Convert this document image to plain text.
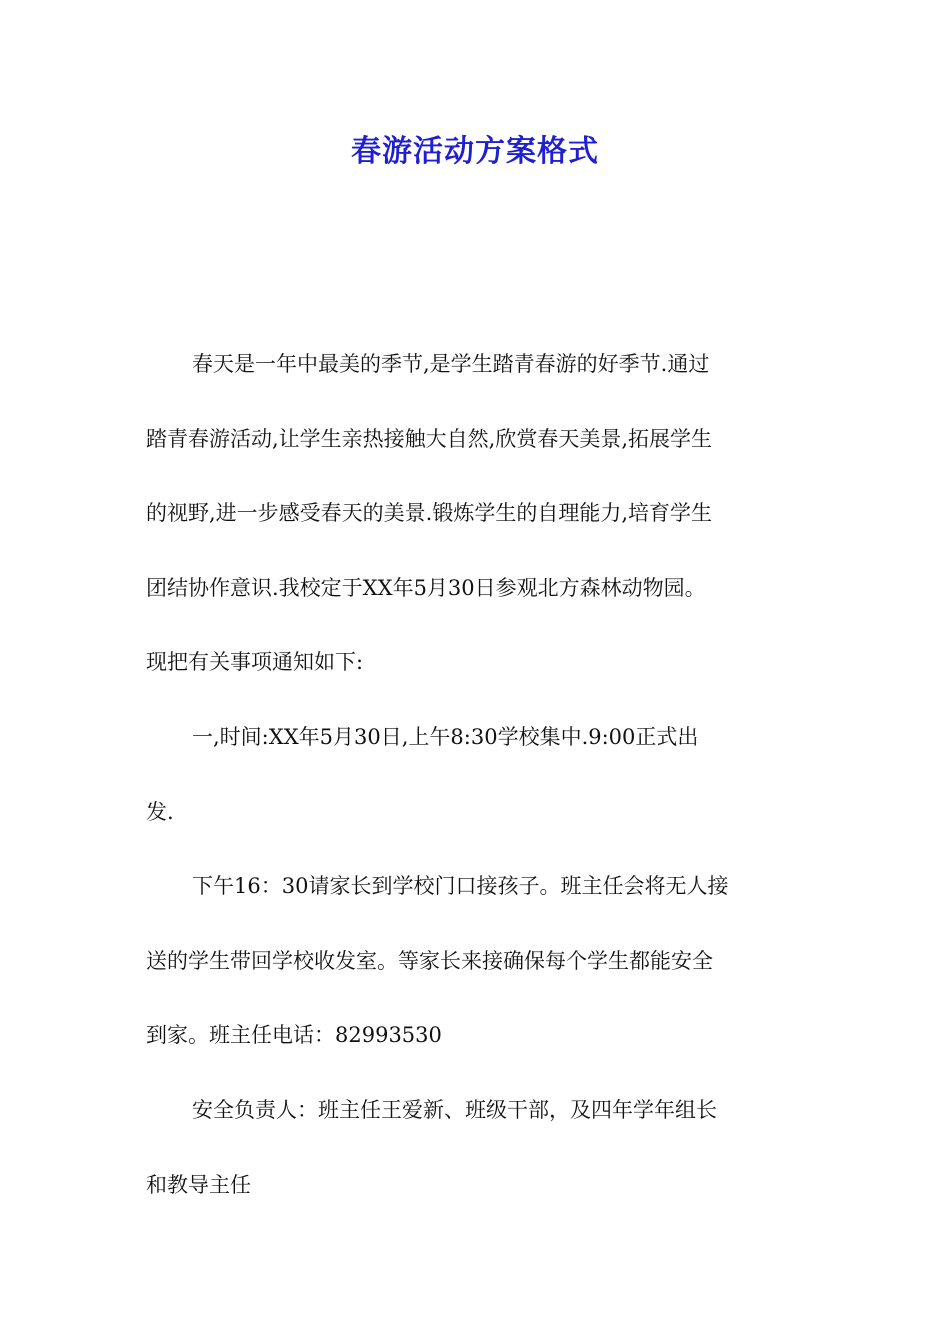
春游活动方案格式
春天是一年中最美的季节,是学生踏青春游的好季节.通过
踏青春游活动,让学生亲热接触大自然,欣赏春天美景,拓展学生
的视野,进一步感受春天的美景.锻炼学生的自理能力,培育学生
团结协作意识.我校定于XX年5月30日参观北方森林动物园。
现把有关事项通知如下:
一,时间:XX年5月30日,上午8:30学校集中.9:00正式出
发.
下午16：30请家长到学校门口接孩子。班主任会将无人接
送的学生带回学校收发室。等家长来接确保每个学生都能安全
到家。班主任电话：82993530
安全负责人：班主任王爱新、班级干部，及四年学年组长
和教导主任
